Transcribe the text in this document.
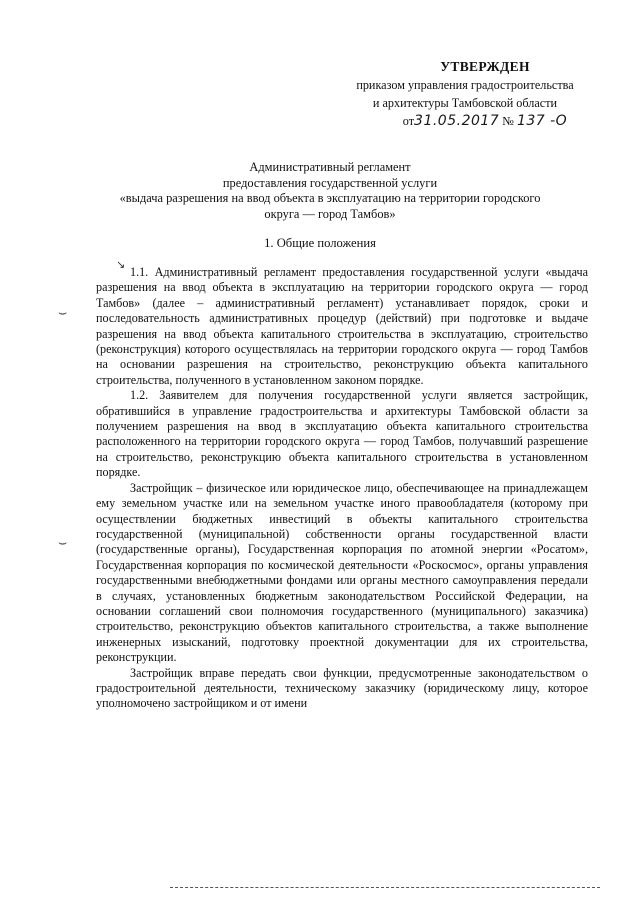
УТВЕРЖДЕН
приказом управления градостроительства
и архитектуры Тамбовской области
от31.05.2017 № 137 -О
Административный регламент
предоставления государственной услуги
«выдача разрешения на ввод объекта в эксплуатацию на территории городского
округа — город Тамбов»
1. Общие положения

1.1. Административный регламент предоставления государственной услуги «выдача разрешения на ввод объекта в эксплуатацию на территории городского округа — город Тамбов» (далее – административный регламент) устанавливает порядок, сроки и последовательность административных процедур (действий) при подготовке и выдаче разрешения на ввод объекта капитального строительства в эксплуатацию, строительство (реконструкция) которого осуществлялась на территории городского округа — город Тамбов на основании разрешения на строительство, реконструкцию объекта капитального строительства, полученного в установленном законом порядке.

1.2. Заявителем для получения государственной услуги является застройщик, обратившийся в управление градостроительства и архитектуры Тамбовской области за получением разрешения на ввод в эксплуатацию объекта капитального строительства расположенного на территории городского округа — город Тамбов, получавший разрешение на строительство, реконструкцию объекта капитального строительства в установленном порядке.

Застройщик – физическое или юридическое лицо, обеспечивающее на принадлежащем ему земельном участке или на земельном участке иного правообладателя (которому при осуществлении бюджетных инвестиций в объекты капитального строительства государственной (муниципальной) собственности органы государственной власти (государственные органы), Государственная корпорация по атомной энергии «Росатом», Государственная корпорация по космической деятельности «Роскосмос», органы управления государственными внебюджетными фондами или органы местного самоуправления передали в случаях, установленных бюджетным законодательством Российской Федерации, на основании соглашений свои полномочия государственного (муниципального) заказчика) строительство, реконструкцию объектов капитального строительства, а также выполнение инженерных изысканий, подготовку проектной документации для их строительства, реконструкции.

Застройщик вправе передать свои функции, предусмотренные законодательством о градостроительной деятельности, техническому заказчику (юридическому лицу, которое уполномочено застройщиком и от имени

⌣
⌣
↘
